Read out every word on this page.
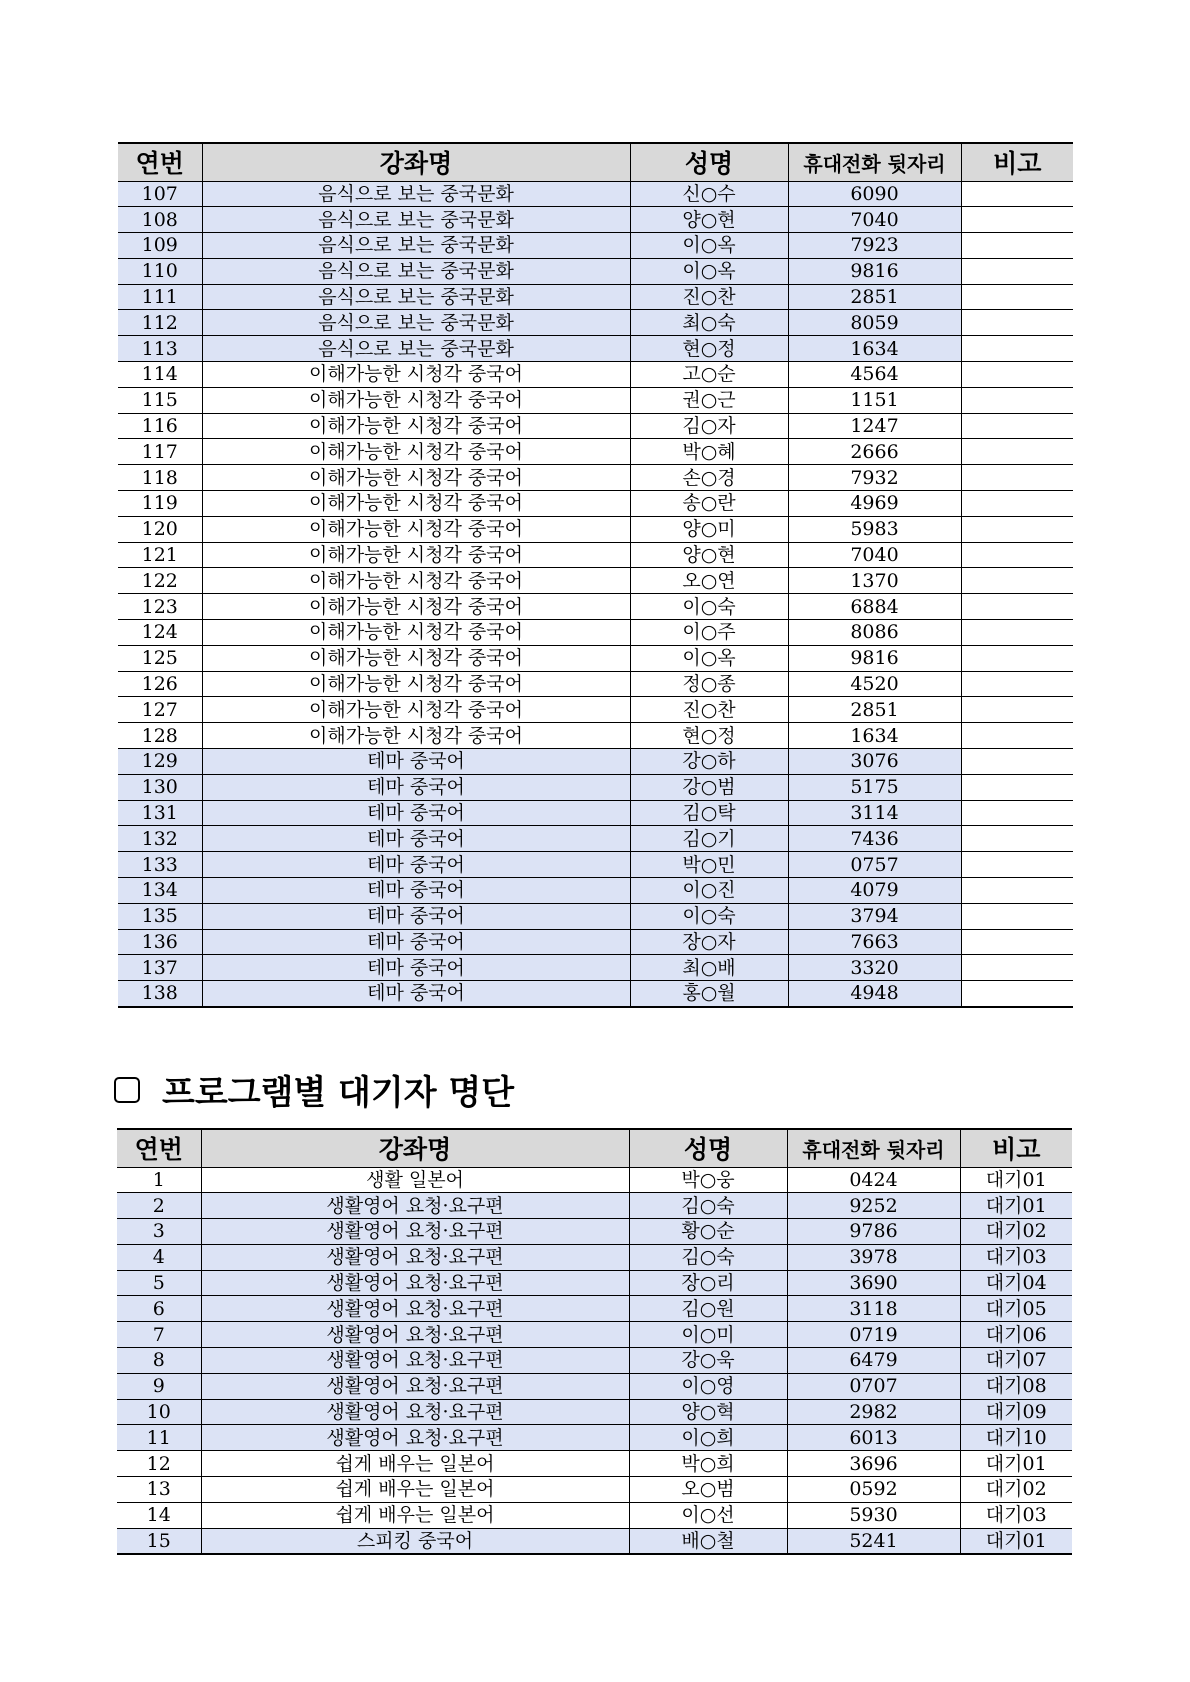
연번	강좌명	성명	휴대전화 뒷자리	비고
107	음식으로 보는 중국문화	신○수	6090	
108	음식으로 보는 중국문화	양○현	7040	
109	음식으로 보는 중국문화	이○옥	7923	
110	음식으로 보는 중국문화	이○옥	9816	
111	음식으로 보는 중국문화	진○찬	2851	
112	음식으로 보는 중국문화	최○숙	8059	
113	음식으로 보는 중국문화	현○정	1634	
114	이해가능한 시청각 중국어	고○순	4564	
115	이해가능한 시청각 중국어	권○근	1151	
116	이해가능한 시청각 중국어	김○자	1247	
117	이해가능한 시청각 중국어	박○혜	2666	
118	이해가능한 시청각 중국어	손○경	7932	
119	이해가능한 시청각 중국어	송○란	4969	
120	이해가능한 시청각 중국어	양○미	5983	
121	이해가능한 시청각 중국어	양○현	7040	
122	이해가능한 시청각 중국어	오○연	1370	
123	이해가능한 시청각 중국어	이○숙	6884	
124	이해가능한 시청각 중국어	이○주	8086	
125	이해가능한 시청각 중국어	이○옥	9816	
126	이해가능한 시청각 중국어	정○종	4520	
127	이해가능한 시청각 중국어	진○찬	2851	
128	이해가능한 시청각 중국어	현○정	1634	
129	테마 중국어	강○하	3076	
130	테마 중국어	강○범	5175	
131	테마 중국어	김○탁	3114	
132	테마 중국어	김○기	7436	
133	테마 중국어	박○민	0757	
134	테마 중국어	이○진	4079	
135	테마 중국어	이○숙	3794	
136	테마 중국어	장○자	7663	
137	테마 중국어	최○배	3320	
138	테마 중국어	홍○월	4948	
프로그램별 대기자 명단
연번	강좌명	성명	휴대전화 뒷자리	비고
1	생활 일본어	박○웅	0424	대기01
2	생활영어 요청·요구편	김○숙	9252	대기01
3	생활영어 요청·요구편	황○순	9786	대기02
4	생활영어 요청·요구편	김○숙	3978	대기03
5	생활영어 요청·요구편	장○리	3690	대기04
6	생활영어 요청·요구편	김○원	3118	대기05
7	생활영어 요청·요구편	이○미	0719	대기06
8	생활영어 요청·요구편	강○욱	6479	대기07
9	생활영어 요청·요구편	이○영	0707	대기08
10	생활영어 요청·요구편	양○혁	2982	대기09
11	생활영어 요청·요구편	이○희	6013	대기10
12	쉽게 배우는 일본어	박○희	3696	대기01
13	쉽게 배우는 일본어	오○범	0592	대기02
14	쉽게 배우는 일본어	이○선	5930	대기03
15	스피킹 중국어	배○철	5241	대기01
